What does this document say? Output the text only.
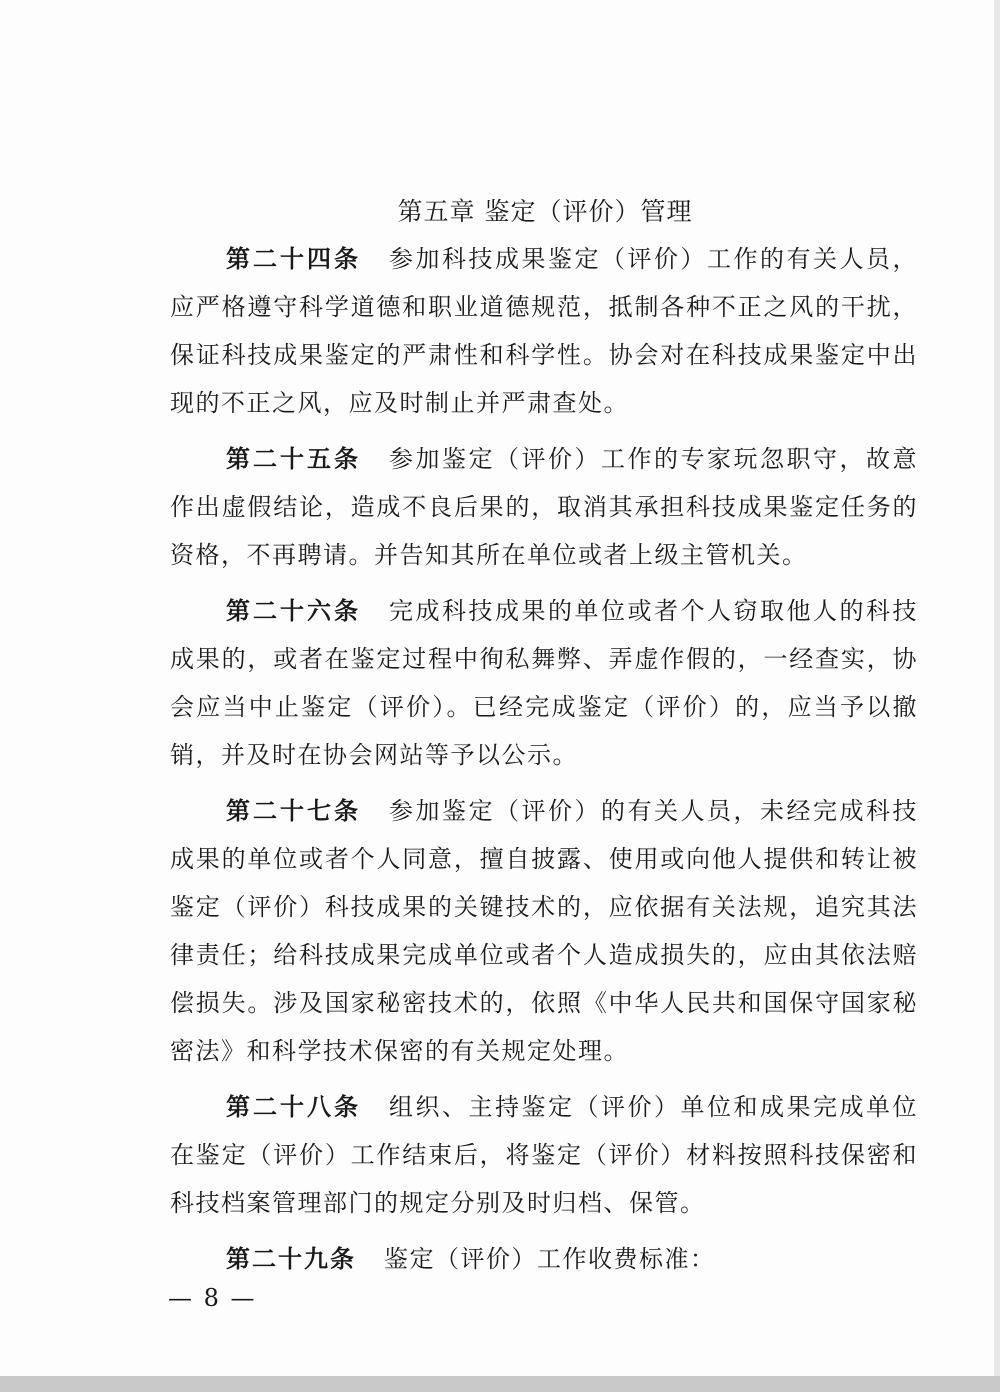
第五章 鉴定（评价）管理

第二十四条 参加科技成果鉴定（评价）工作的有关人员，应严格遵守科学道德和职业道德规范，抵制各种不正之风的干扰，保证科技成果鉴定的严肃性和科学性。协会对在科技成果鉴定中出现的不正之风，应及时制止并严肃查处。

第二十五条 参加鉴定（评价）工作的专家玩忽职守，故意作出虚假结论，造成不良后果的，取消其承担科技成果鉴定任务的资格，不再聘请。并告知其所在单位或者上级主管机关。

第二十六条 完成科技成果的单位或者个人窃取他人的科技成果的，或者在鉴定过程中徇私舞弊、弄虚作假的，一经查实，协会应当中止鉴定（评价）。已经完成鉴定（评价）的，应当予以撤销，并及时在协会网站等予以公示。

第二十七条 参加鉴定（评价）的有关人员，未经完成科技成果的单位或者个人同意，擅自披露、使用或向他人提供和转让被鉴定（评价）科技成果的关键技术的，应依据有关法规，追究其法律责任；给科技成果完成单位或者个人造成损失的，应由其依法赔偿损失。涉及国家秘密技术的，依照《中华人民共和国保守国家秘密法》和科学技术保密的有关规定处理。

第二十八条 组织、主持鉴定（评价）单位和成果完成单位在鉴定（评价）工作结束后，将鉴定（评价）材料按照科技保密和科技档案管理部门的规定分别及时归档、保管。

第二十九条 鉴定（评价）工作收费标准：

— 8 —
